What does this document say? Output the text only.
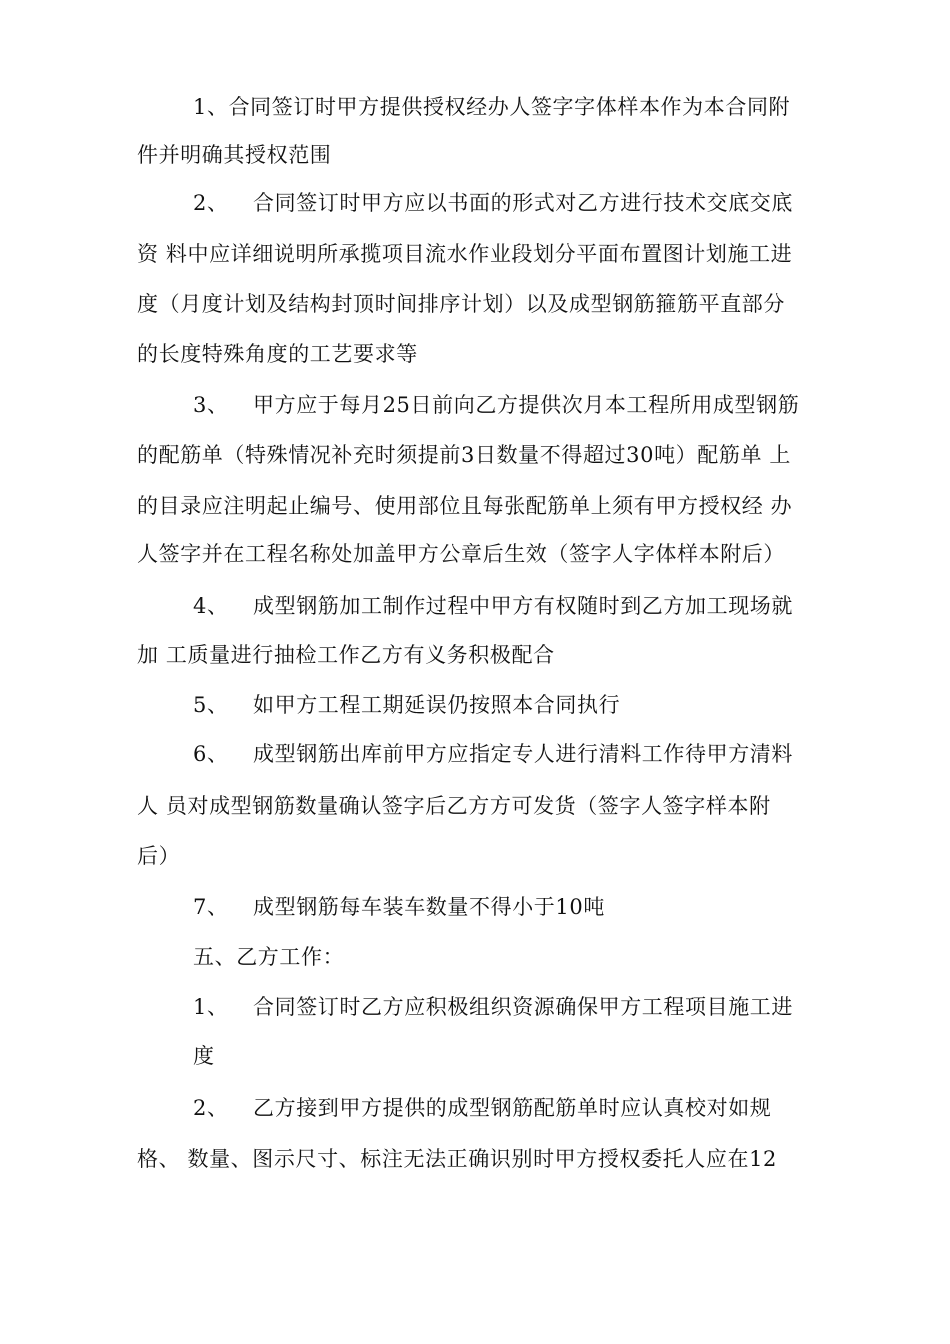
1、合同签订时甲方提供授权经办人签字字体样本作为本合同附
件并明确其授权范围
2、 合同签订时甲方应以书面的形式对乙方进行技术交底交底
资 料中应详细说明所承揽项目流水作业段划分平面布置图计划施工进
度（月度计划及结构封顶时间排序计划）以及成型钢筋箍筋平直部分
的长度特殊角度的工艺要求等
3、 甲方应于每月25日前向乙方提供次月本工程所用成型钢筋
的配筋单（特殊情况补充时须提前3日数量不得超过30吨）配筋单 上
的目录应注明起止编号、使用部位且每张配筋单上须有甲方授权经 办
人签字并在工程名称处加盖甲方公章后生效（签字人字体样本附后）
4、 成型钢筋加工制作过程中甲方有权随时到乙方加工现场就
加 工质量进行抽检工作乙方有义务积极配合
5、 如甲方工程工期延误仍按照本合同执行
6、 成型钢筋出库前甲方应指定专人进行清料工作待甲方清料
人 员对成型钢筋数量确认签字后乙方方可发货（签字人签字样本附
后）
7、 成型钢筋每车装车数量不得小于10吨
五、乙方工作：
1、 合同签订时乙方应积极组织资源确保甲方工程项目施工进
度
2、 乙方接到甲方提供的成型钢筋配筋单时应认真校对如规
格、 数量、图示尺寸、标注无法正确识别时甲方授权委托人应在12
